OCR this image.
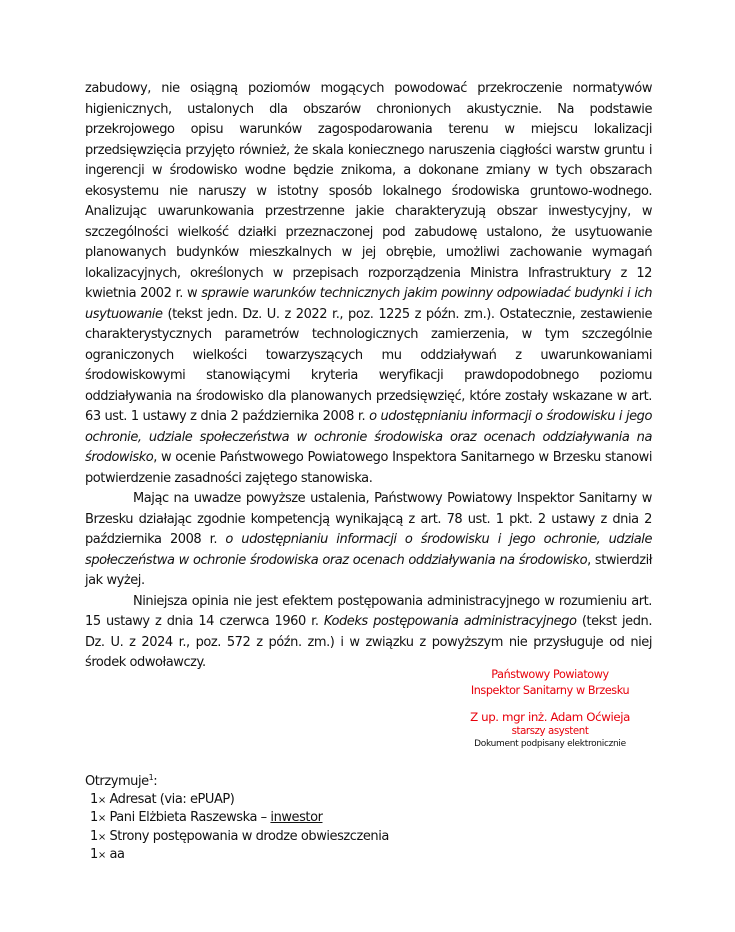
zabudowy, nie osiągną poziomów mogących powodować przekroczenie normatywów higienicznych, ustalonych dla obszarów chronionych akustycznie. Na podstawie przekrojowego opisu warunków zagospodarowania terenu w miejscu lokalizacji przedsięwzięcia przyjęto również, że skala koniecznego naruszenia ciągłości warstw gruntu i ingerencji w środowisko wodne będzie znikoma, a dokonane zmiany w tych obszarach ekosystemu nie naruszy w istotny sposób lokalnego środowiska gruntowo-wodnego. Analizując uwarunkowania przestrzenne jakie charakteryzują obszar inwestycyjny, w szczególności wielkość działki przeznaczonej pod zabudowę ustalono, że usytuowanie planowanych budynków mieszkalnych w jej obrębie, umożliwi zachowanie wymagań lokalizacyjnych, określonych w przepisach rozporządzenia Ministra Infrastruktury z 12 kwietnia 2002 r. w sprawie warunków technicznych jakim powinny odpowiadać budynki i ich usytuowanie (tekst jedn. Dz. U. z 2022 r., poz. 1225 z późn. zm.). Ostatecznie, zestawienie charakterystycznych parametrów technologicznych zamierzenia, w tym szczególnie ograniczonych wielkości towarzyszących mu oddziaływań z uwarunkowaniami środowiskowymi stanowiącymi kryteria weryfikacji prawdopodobnego poziomu oddziaływania na środowisko dla planowanych przedsięwzięć, które zostały wskazane w art. 63 ust. 1 ustawy z dnia 2 października 2008 r. o udostępnianiu informacji o środowisku i jego ochronie, udziale społeczeństwa w ochronie środowiska oraz ocenach oddziaływania na środowisko, w ocenie Państwowego Powiatowego Inspektora Sanitarnego w Brzesku stanowi potwierdzenie zasadności zajętego stanowiska.

Mając na uwadze powyższe ustalenia, Państwowy Powiatowy Inspektor Sanitarny w Brzesku działając zgodnie kompetencją wynikającą z art. 78 ust. 1 pkt. 2 ustawy z dnia 2 października 2008 r. o udostępnianiu informacji o środowisku i jego ochronie, udziale społeczeństwa w ochronie środowiska oraz ocenach oddziaływania na środowisko, stwierdził jak wyżej.

Niniejsza opinia nie jest efektem postępowania administracyjnego w rozumieniu art. 15 ustawy z dnia 14 czerwca 1960 r. Kodeks postępowania administracyjnego (tekst jedn. Dz. U. z 2024 r., poz. 572 z późn. zm.) i w związku z powyższym nie przysługuje od niej środek odwoławczy.

Państwowy Powiatowy
Inspektor Sanitarny w Brzesku
Z up. mgr inż. Adam Oćwieja
starszy asystent
Dokument podpisany elektronicznie
Otrzymuje$^1$:
1× Adresat (via: ePUAP)
1× Pani Elżbieta Raszewska – inwestor
1× Strony postępowania w drodze obwieszczenia
1× aa
